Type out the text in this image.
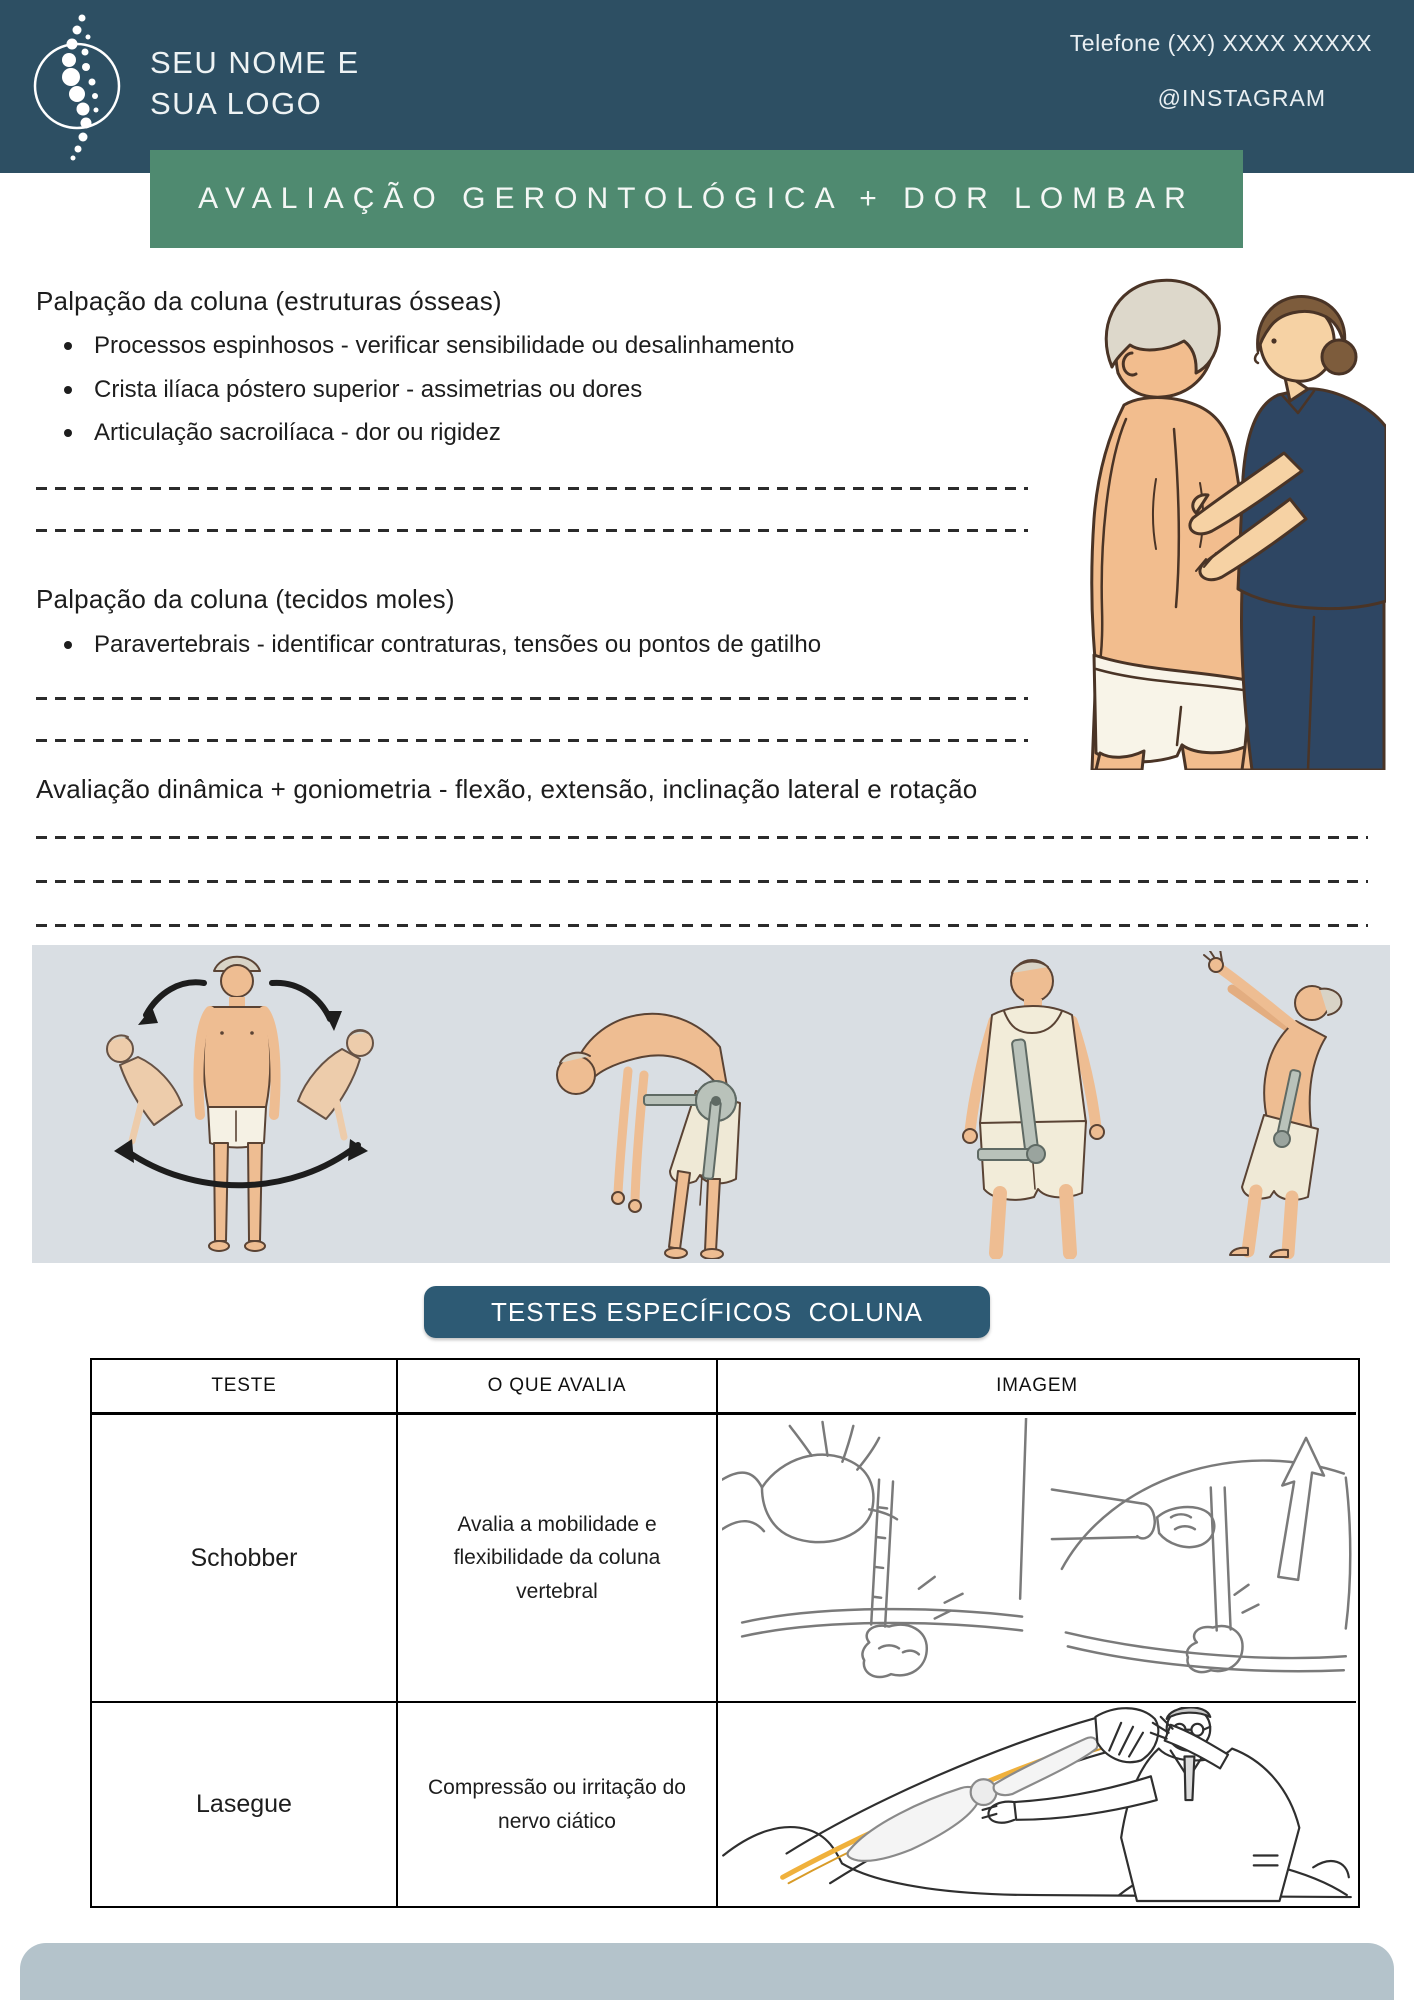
SEU NOME E
SUA LOGO
Telefone (XX) XXXX XXXXX
@INSTAGRAM
AVALIAÇÃO GERONTOLÓGICA + DOR LOMBAR
Palpação da coluna (estruturas ósseas)
Processos espinhosos - verificar sensibilidade ou desalinhamento
Crista ilíaca póstero superior - assimetrias ou dores
Articulação sacroilíaca - dor ou rigidez
Palpação da coluna (tecidos moles)
Paravertebrais - identificar contraturas, tensões ou pontos de gatilho
Avaliação dinâmica + goniometria - flexão, extensão, inclinação lateral e rotação
TESTES ESPECÍFICOS  COLUNA
TESTE	O QUE AVALIA	IMAGEM
Schobber
Avalia a mobilidade e flexibilidade da coluna vertebral
Lasegue
Compressão ou irritação do nervo ciático
